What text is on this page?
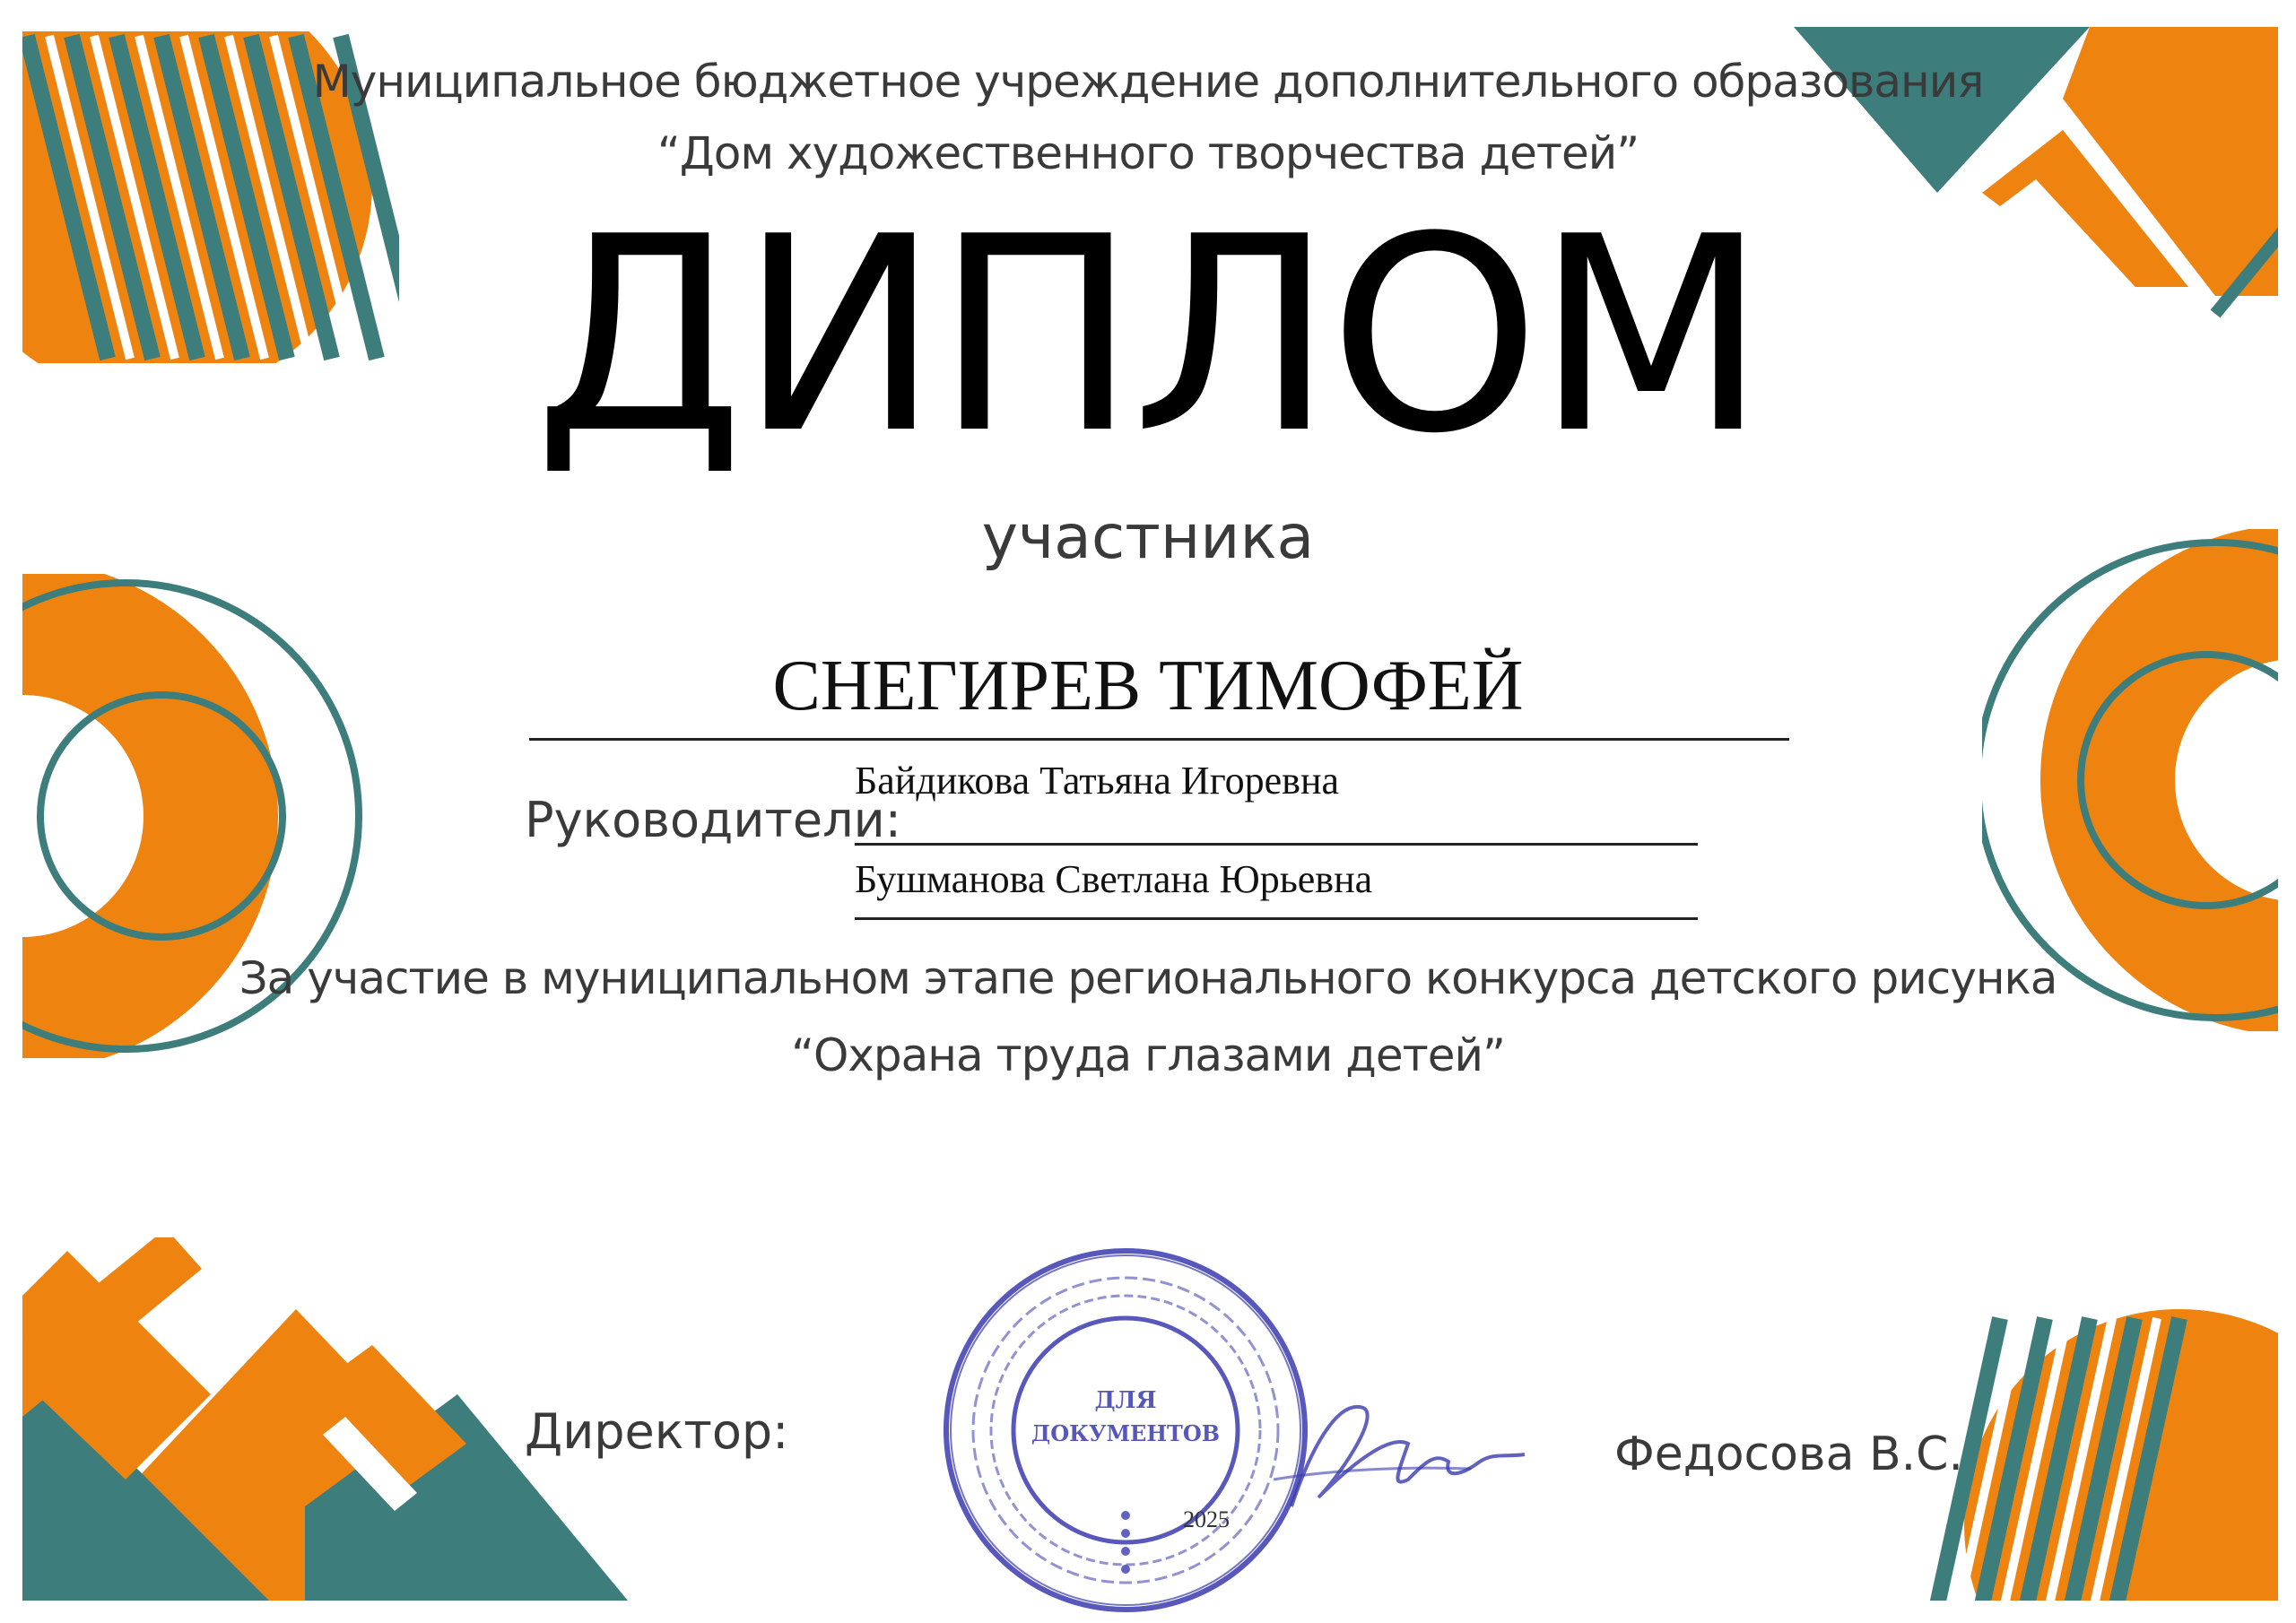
Муниципальное бюджетное учреждение дополнительного образования
“Дом художественного творчества детей”
ДИПЛОМ
участника
СНЕГИРЕВ ТИМОФЕЙ
Руководители:
Байдикова Татьяна Игоревна
Бушманова Светлана Юрьевна
За участие в муниципальном этапе регионального конкурса детского рисунка
“Охрана труда глазами детей”
Директор:	Федосова В.С.
ДЛЯ
ДОКУМЕНТОВ
2025
